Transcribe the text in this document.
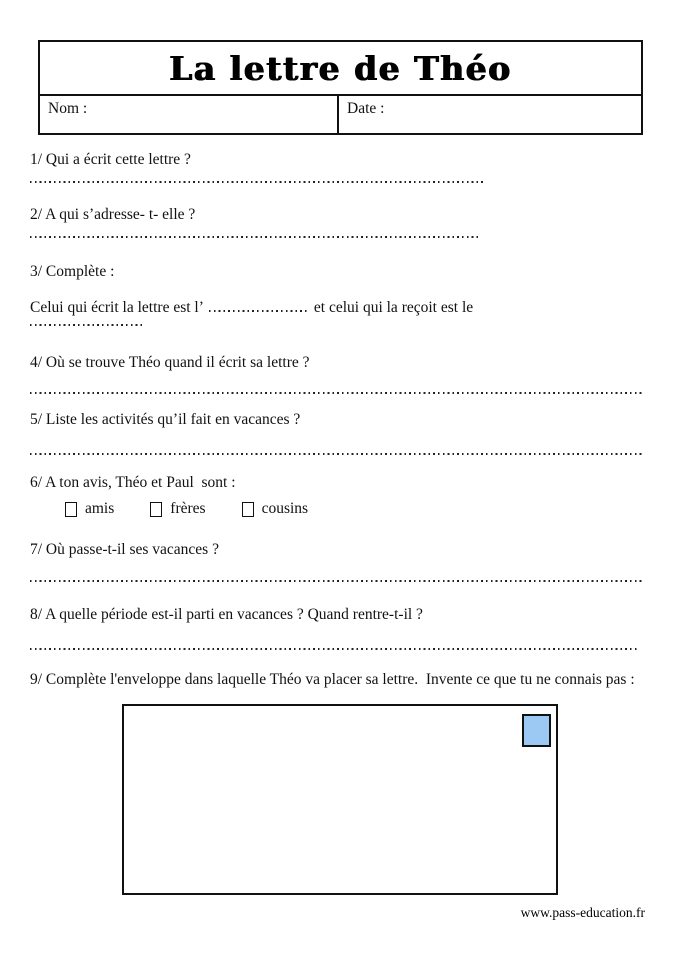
La lettre de Théo
Nom :	Date :
1/ Qui a écrit cette lettre ?
2/ A qui s’adresse- t- elle ?
3/ Complète :
Celui qui écrit la lettre est l’	et celui qui la reçoit est le
4/ Où se trouve Théo quand il écrit sa lettre ?
5/ Liste les activités qu’il fait en vacances ?
6/ A ton avis, Théo et Paul  sont :
amis	frères	cousins
7/ Où passe-t-il ses vacances ?
8/ A quelle période est-il parti en vacances ? Quand rentre-t-il ?
9/ Complète l'enveloppe dans laquelle Théo va placer sa lettre.  Invente ce que tu ne connais pas :
www.pass-education.fr
